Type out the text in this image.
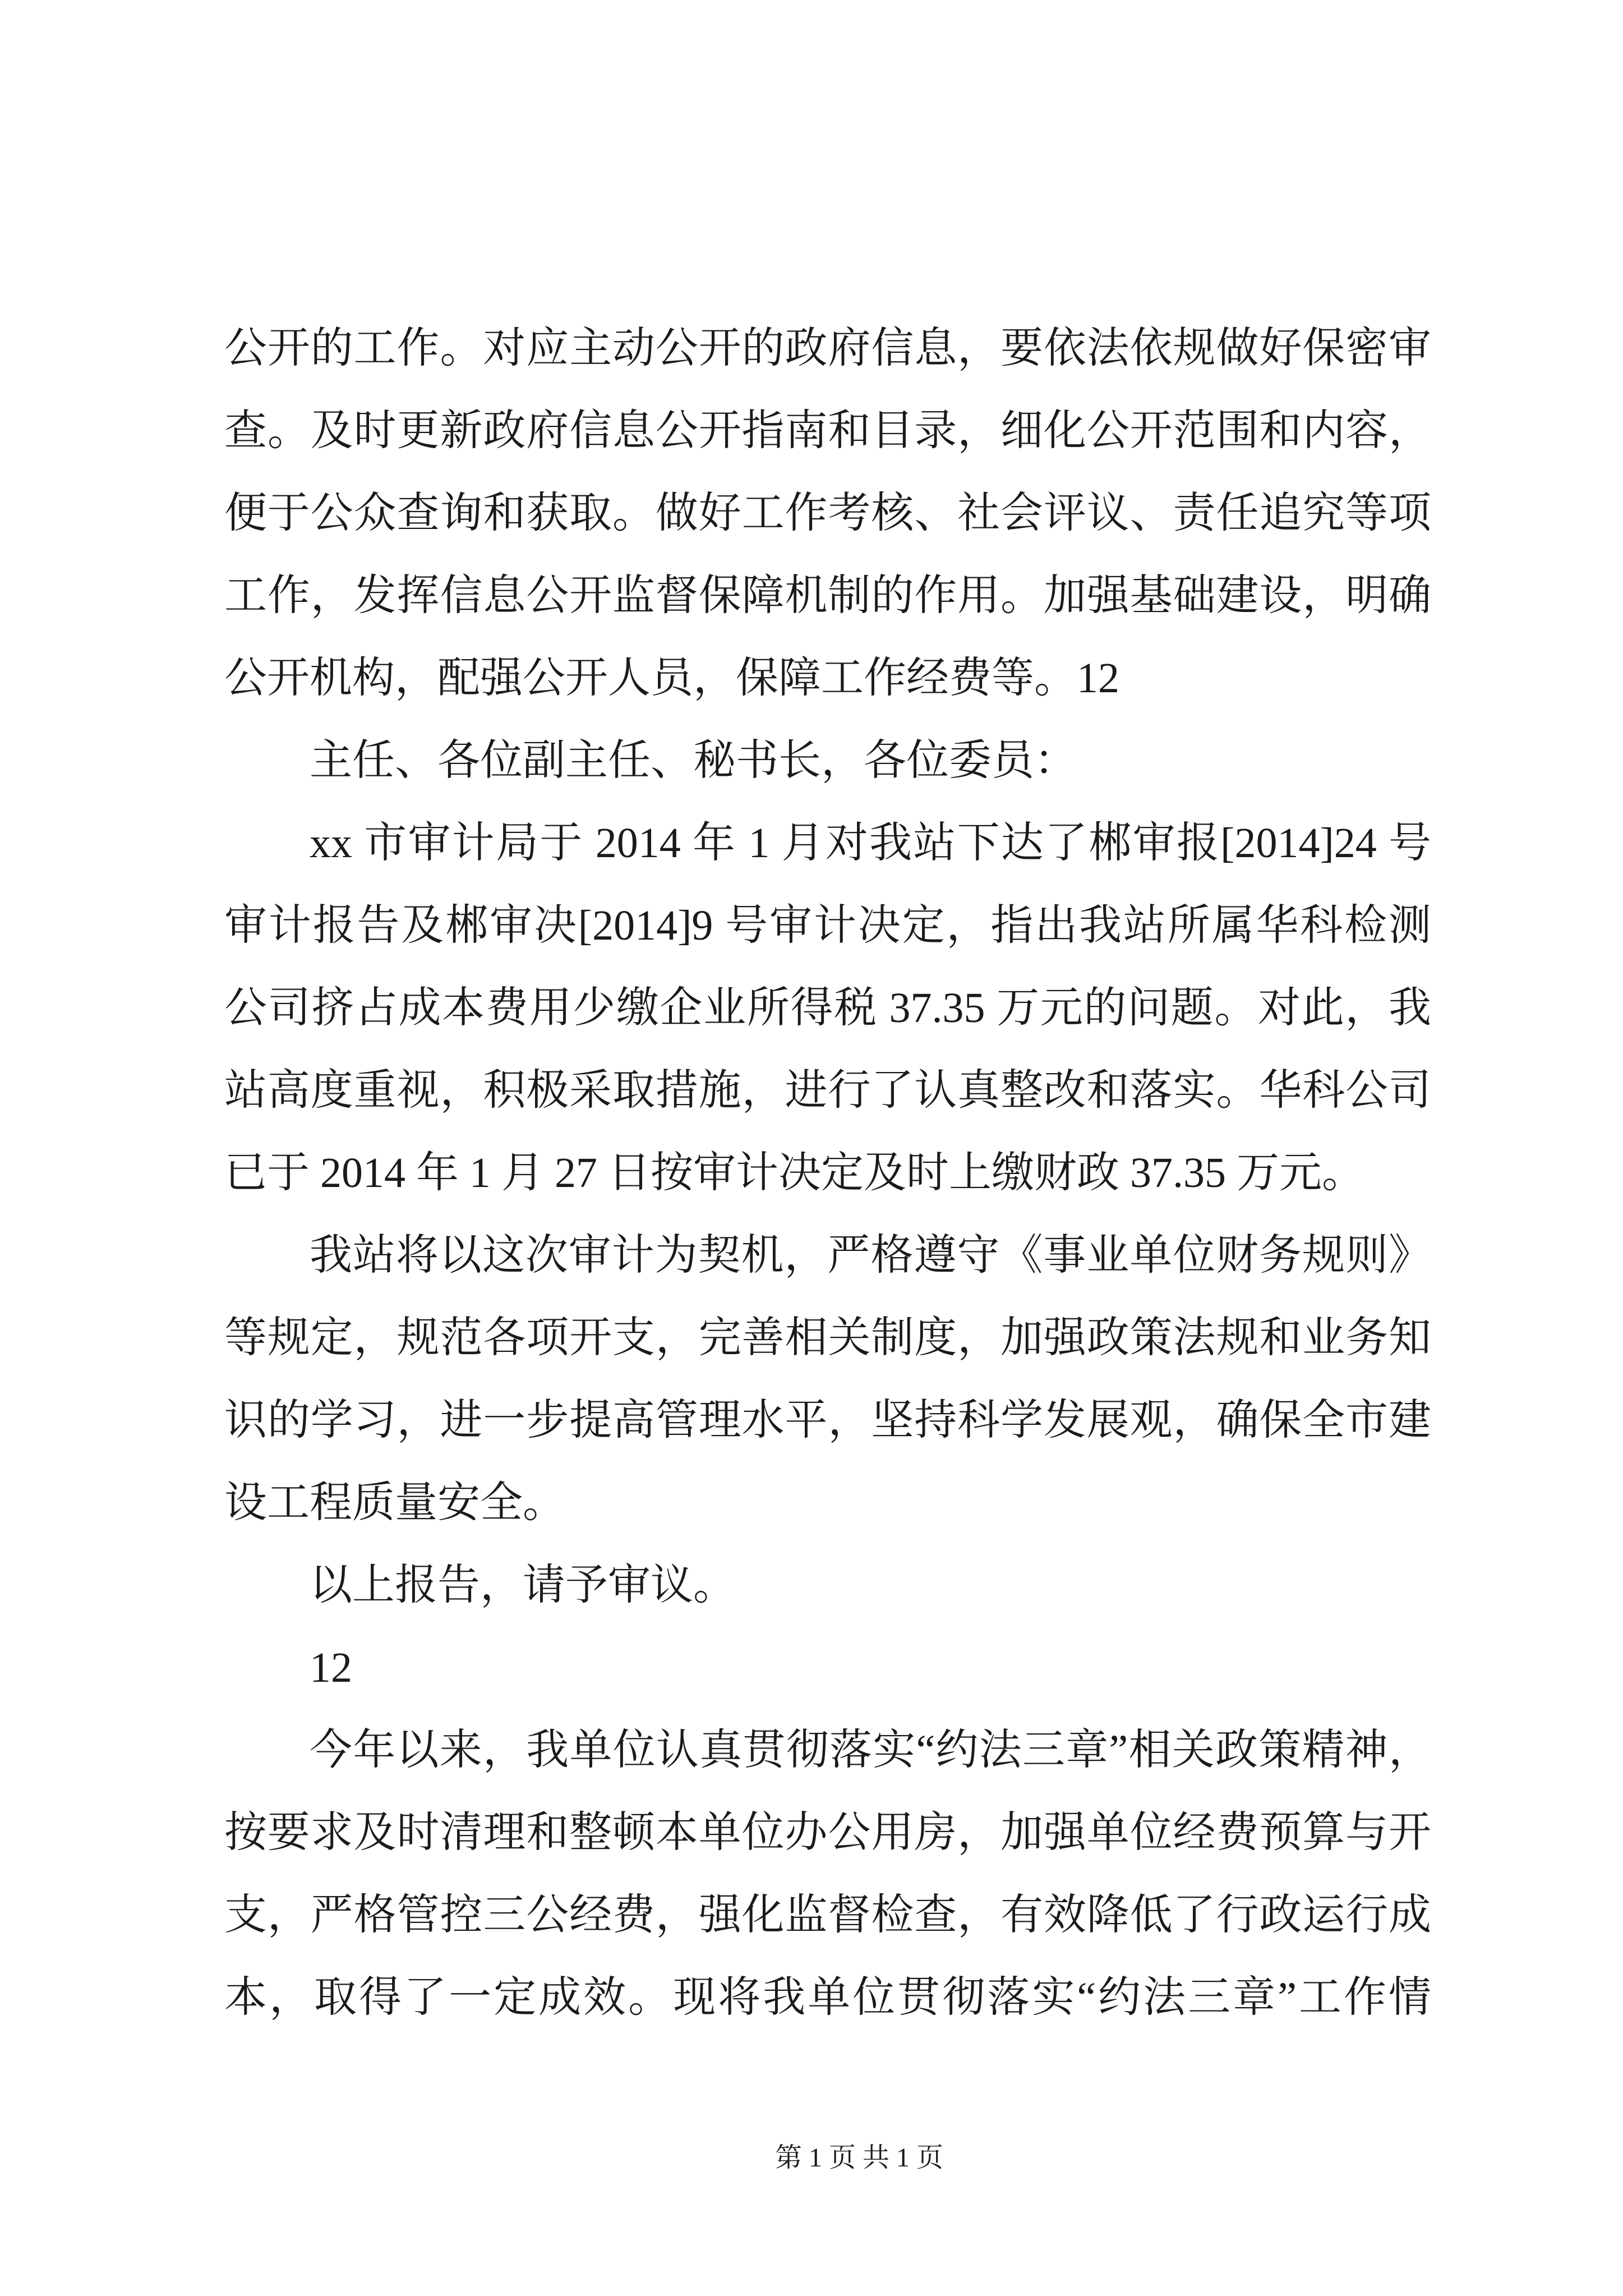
公开的工作。对应主动公开的政府信息，要依法依规做好保密审
查。及时更新政府信息公开指南和目录，细化公开范围和内容，
便于公众查询和获取。做好工作考核、社会评议、责任追究等项
工作，发挥信息公开监督保障机制的作用。加强基础建设，明确
公开机构，配强公开人员，保障工作经费等。12
主任、各位副主任、秘书长，各位委员：
xx 市审计局于 2014 年 1 月对我站下达了郴审报[2014]24 号
审计报告及郴审决[2014]9 号审计决定，指出我站所属华科检测
公司挤占成本费用少缴企业所得税 37.35 万元的问题。对此，我
站高度重视，积极采取措施，进行了认真整改和落实。华科公司
已于 2014 年 1 月 27 日按审计决定及时上缴财政 37.35 万元。
我站将以这次审计为契机，严格遵守《事业单位财务规则》
等规定，规范各项开支，完善相关制度，加强政策法规和业务知
识的学习，进一步提高管理水平，坚持科学发展观，确保全市建
设工程质量安全。
以上报告，请予审议。
12
今年以来，我单位认真贯彻落实“约法三章”相关政策精神，
按要求及时清理和整顿本单位办公用房，加强单位经费预算与开
支，严格管控三公经费，强化监督检查，有效降低了行政运行成
本，取得了一定成效。现将我单位贯彻落实“约法三章”工作情
第 1 页 共 1 页
